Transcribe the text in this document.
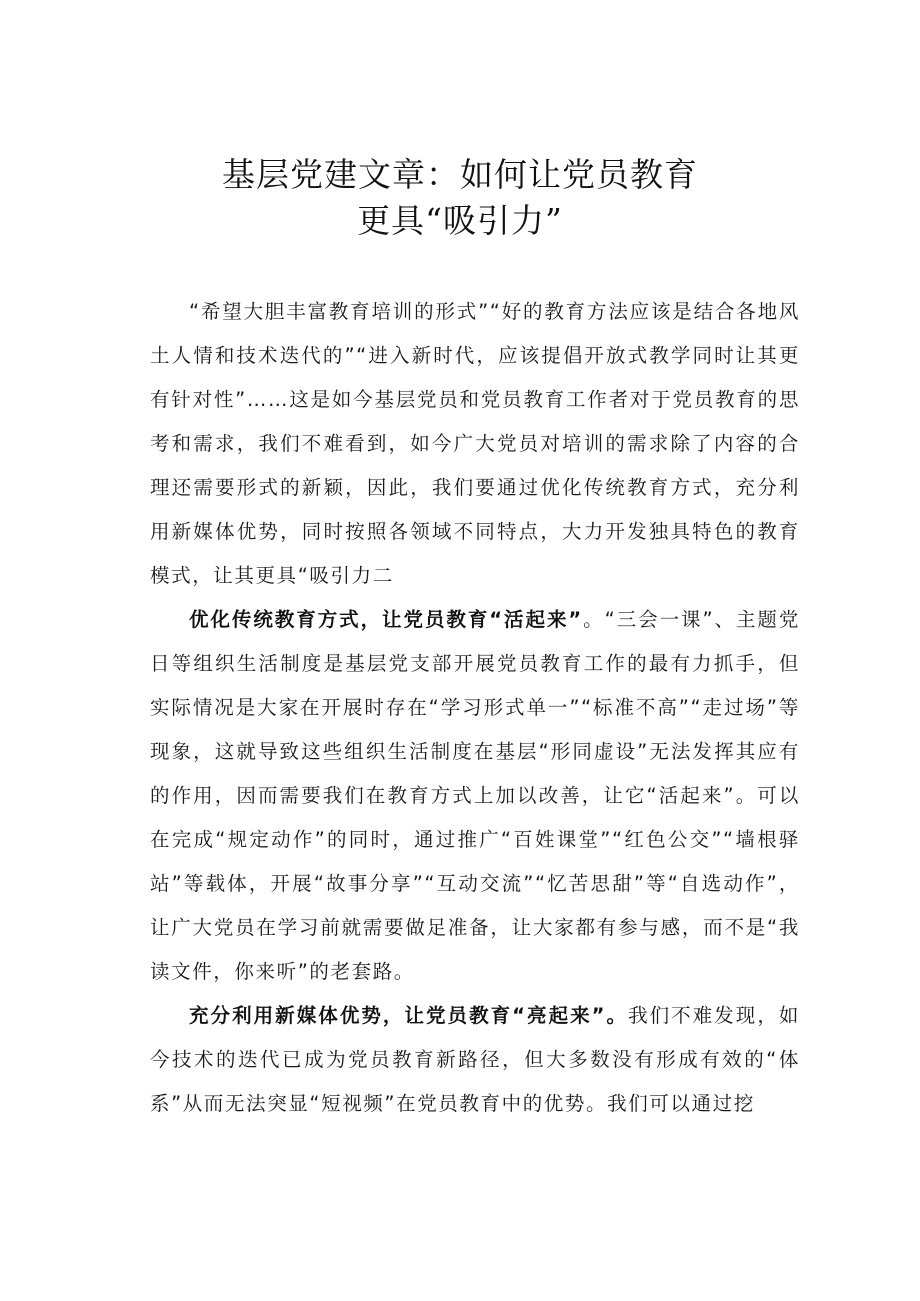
基层党建文章：如何让党员教育
更具“吸引力”

“希望大胆丰富教育培训的形式”“好的教育方法应该是结合各地风土人情和技术迭代的”“进入新时代，应该提倡开放式教学同时让其更有针对性”……这是如今基层党员和党员教育工作者对于党员教育的思考和需求，我们不难看到，如今广大党员对培训的需求除了内容的合理还需要形式的新颖，因此，我们要通过优化传统教育方式，充分利用新媒体优势，同时按照各领域不同特点，大力开发独具特色的教育模式，让其更具“吸引力二

优化传统教育方式，让党员教育“活起来”。“三会一课”、主题党日等组织生活制度是基层党支部开展党员教育工作的最有力抓手，但实际情况是大家在开展时存在“学习形式单一”“标准不高”“走过场”等现象，这就导致这些组织生活制度在基层“形同虚设”无法发挥其应有的作用，因而需要我们在教育方式上加以改善，让它“活起来”。可以在完成“规定动作”的同时，通过推广“百姓课堂”“红色公交”“墙根驿站”等载体，开展“故事分享”“互动交流”“忆苦思甜”等“自选动作”，让广大党员在学习前就需要做足准备，让大家都有参与感，而不是“我读文件，你来听”的老套路。

充分利用新媒体优势，让党员教育“亮起来”。我们不难发现，如今技术的迭代已成为党员教育新路径，但大多数没有形成有效的“体系”从而无法突显“短视频”在党员教育中的优势。我们可以通过挖
